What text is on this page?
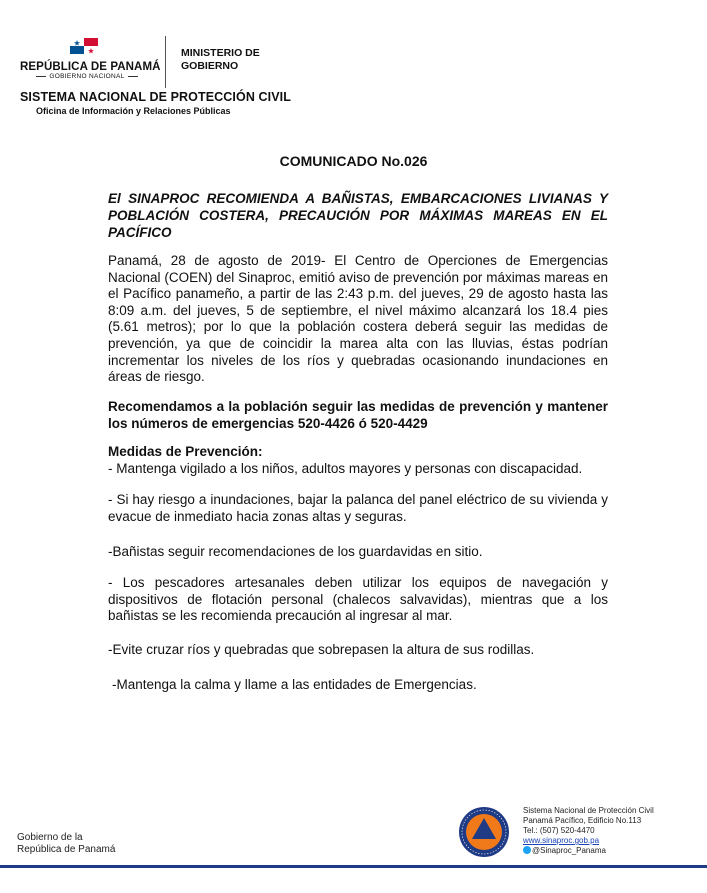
REPÚBLICA DE PANAMÁ
GOBIERNO NACIONAL
MINISTERIO DE
GOBIERNO
SISTEMA NACIONAL DE PROTECCIÓN CIVIL
Oficina de Información y Relaciones Públicas
COMUNICADO No.026
El SINAPROC RECOMIENDA A BAÑISTAS, EMBARCACIONES LIVIANAS Y POBLACIÓN COSTERA, PRECAUCIÓN POR MÁXIMAS MAREAS EN EL PACÍFICO
Panamá, 28 de agosto de 2019- El Centro de Operciones de Emergencias Nacional (COEN) del Sinaproc, emitió aviso de prevención por máximas mareas en el Pacífico panameño, a partir de las 2:43 p.m. del jueves, 29 de agosto hasta las 8:09 a.m. del jueves, 5 de septiembre, el nivel máximo alcanzará los 18.4 pies (5.61 metros); por lo que la población costera deberá seguir las medidas de prevención, ya que de coincidir la marea alta con las lluvias, éstas podrían incrementar los niveles de los ríos y quebradas ocasionando inundaciones en áreas de riesgo.
Recomendamos a la población seguir las medidas de prevención y mantener los números de emergencias 520-4426 ó 520-4429
Medidas de Prevención:
- Mantenga vigilado a los niños, adultos mayores y personas con discapacidad.
- Si hay riesgo a inundaciones, bajar la palanca del panel eléctrico de su vivienda y evacue de inmediato hacia zonas altas y seguras.
-Bañistas seguir recomendaciones de los guardavidas en sitio.
- Los pescadores artesanales deben utilizar los equipos de navegación y dispositivos de flotación personal (chalecos salvavidas), mientras que a los bañistas se les recomienda precaución al ingresar al mar.
-Evite cruzar ríos y quebradas que sobrepasen la altura de sus rodillas.
-Mantenga la calma y llame a las entidades de Emergencias.
Gobierno de la
República de Panamá
Sistema Nacional de Protección Civil
Panamá Pacífico, Edificio No.113
Tel.: (507) 520-4470
www.sinaproc.gob.pa
@Sinaproc_Panama
